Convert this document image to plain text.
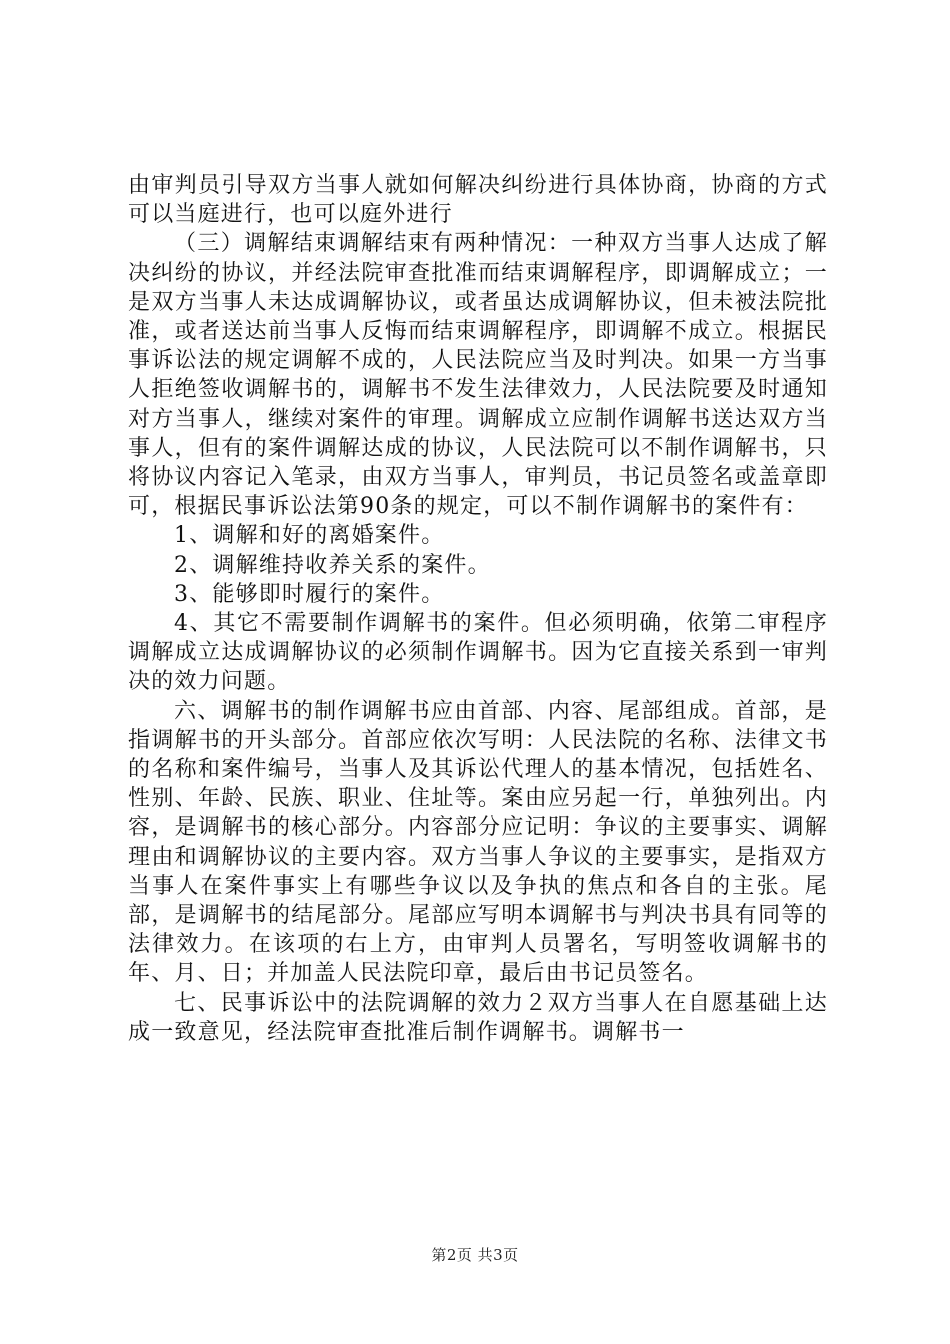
由审判员引导双方当事人就如何解决纠纷进行具体协商，协商的方式可以当庭进行，也可以庭外进行

（三）调解结束调解结束有两种情况：一种双方当事人达成了解决纠纷的协议，并经法院审查批准而结束调解程序，即调解成立；一是双方当事人未达成调解协议，或者虽达成调解协议，但未被法院批准，或者送达前当事人反悔而结束调解程序，即调解不成立。根据民事诉讼法的规定调解不成的，人民法院应当及时判决。如果一方当事人拒绝签收调解书的，调解书不发生法律效力，人民法院要及时通知对方当事人，继续对案件的审理。调解成立应制作调解书送达双方当事人，但有的案件调解达成的协议，人民法院可以不制作调解书，只将协议内容记入笔录，由双方当事人，审判员，书记员签名或盖章即可，根据民事诉讼法第90条的规定，可以不制作调解书的案件有：

1、调解和好的离婚案件。

2、调解维持收养关系的案件。

3、能够即时履行的案件。

4、其它不需要制作调解书的案件。但必须明确，依第二审程序调解成立达成调解协议的必须制作调解书。因为它直接关系到一审判决的效力问题。

六、调解书的制作调解书应由首部、内容、尾部组成。首部，是指调解书的开头部分。首部应依次写明：人民法院的名称、法律文书的名称和案件编号，当事人及其诉讼代理人的基本情况，包括姓名、性别、年龄、民族、职业、住址等。案由应另起一行，单独列出。内容，是调解书的核心部分。内容部分应记明：争议的主要事实、调解理由和调解协议的主要内容。双方当事人争议的主要事实，是指双方当事人在案件事实上有哪些争议以及争执的焦点和各自的主张。尾部，是调解书的结尾部分。尾部应写明本调解书与判决书具有同等的法律效力。在该项的右上方，由审判人员署名，写明签收调解书的年、月、日；并加盖人民法院印章，最后由书记员签名。

七、民事诉讼中的法院调解的效力２双方当事人在自愿基础上达成一致意见，经法院审查批准后制作调解书。调解书一

第2页 共3页
